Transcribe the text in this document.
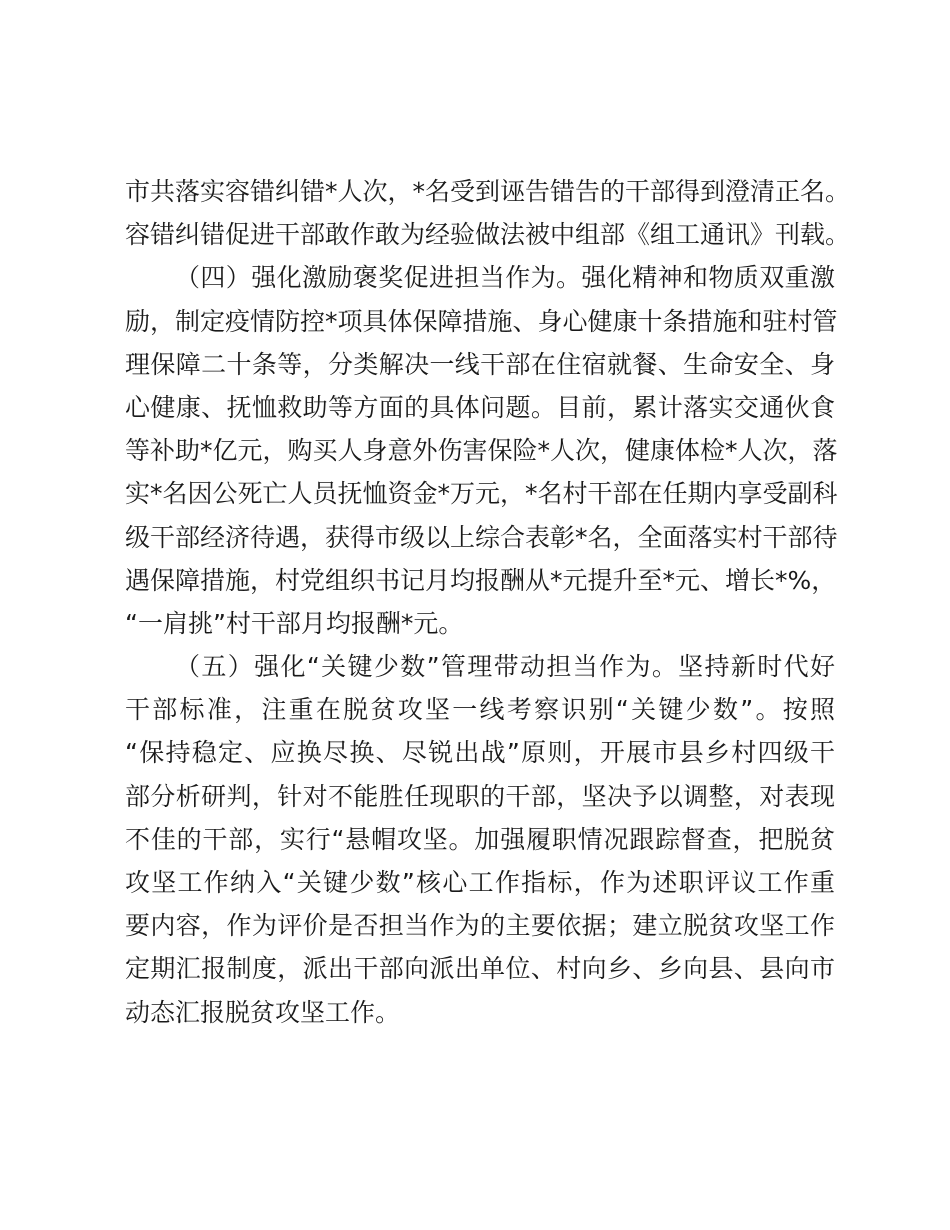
市共落实容错纠错*人次，*名受到诬告错告的干部得到澄清正名。
容错纠错促进干部敢作敢为经验做法被中组部《组工通讯》刊载。
（四）强化激励褒奖促进担当作为。强化精神和物质双重激
励，制定疫情防控*项具体保障措施、身心健康十条措施和驻村管
理保障二十条等，分类解决一线干部在住宿就餐、生命安全、身
心健康、抚恤救助等方面的具体问题。目前，累计落实交通伙食
等补助*亿元，购买人身意外伤害保险*人次，健康体检*人次，落
实*名因公死亡人员抚恤资金*万元，*名村干部在任期内享受副科
级干部经济待遇，获得市级以上综合表彰*名，全面落实村干部待
遇保障措施，村党组织书记月均报酬从*元提升至*元、增长*%，
“一肩挑”村干部月均报酬*元。
（五）强化“关键少数”管理带动担当作为。坚持新时代好
干部标准，注重在脱贫攻坚一线考察识别“关键少数”。按照
“保持稳定、应换尽换、尽锐出战”原则，开展市县乡村四级干
部分析研判，针对不能胜任现职的干部，坚决予以调整，对表现
不佳的干部，实行“悬帽攻坚。加强履职情况跟踪督查，把脱贫
攻坚工作纳入“关键少数”核心工作指标，作为述职评议工作重
要内容，作为评价是否担当作为的主要依据；建立脱贫攻坚工作
定期汇报制度，派出干部向派出单位、村向乡、乡向县、县向市
动态汇报脱贫攻坚工作。
